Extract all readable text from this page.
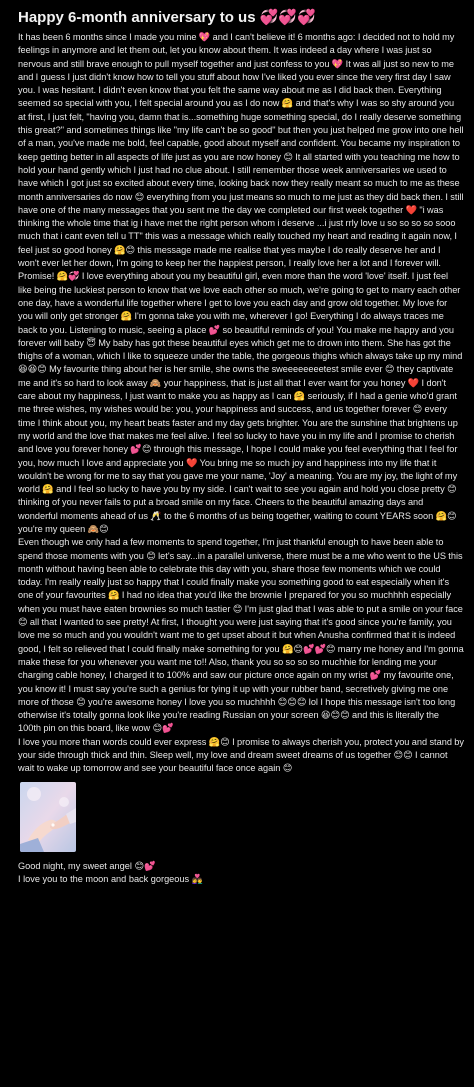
Happy 6-month anniversary to us 💞💞💞

It has been 6 months since I made you mine 💖 and I can't believe it! 6 months ago: I decided not to hold my feelings in anymore and let them out, let you know about them. It was indeed a day where I was just so nervous and still brave enough to pull myself together and just confess to you 💖 It was all just so new to me and I guess I just didn't know how to tell you stuff about how I've liked you ever since the very first day I saw you. I was hesitant. I didn't even know that you felt the same way about me as I did back then. Everything seemed so special with you, I felt special around you as I do now 🤗 and that's why I was so shy around you at first, I just felt, "having you, damn that is...something huge something special, do I really deserve something this great?" and sometimes things like "my life can't be so good" but then you just helped me grow into one hell of a man, you've made me bold, feel capable, good about myself and confident. You became my inspiration to keep getting better in all aspects of life just as you are now honey 😊 It all started with you teaching me how to hold your hand gently which I just had no clue about. I still remember those week anniversaries we used to have which I got just so excited about every time, looking back now they really meant so much to me as these month anniversaries do now 😊 everything from you just means so much to me just as they did back then. I still have one of the many messages that you sent me the day we completed our first week together ❤️ "i was thinking the whole time that ig i have met the right person whom i deserve ...i just rrly love u so so so so sooo much that i cant even tell u TT" this was a message which really touched my heart and reading it again now, I feel just so good honey 🤗😊 this message made me realise that yes maybe I do really deserve her and I won't ever let her down, I'm going to keep her the happiest person, I really love her a lot and I forever will. Promise! 🤗💞 I love everything about you my beautiful girl, even more than the word 'love' itself. I just feel like being the luckiest person to know that we love each other so much, we're going to get to marry each other one day, have a wonderful life together where I get to love you each day and grow old together. My love for you will only get stronger 🤗 I'm gonna take you with me, wherever I go! Everything I do always traces me back to you. Listening to music, seeing a place 💕 so beautiful reminds of you! You make me happy and you forever will baby 😇 My baby has got these beautiful eyes which get me to drown into them. She has got the thighs of a woman, which I like to squeeze under the table, the gorgeous thighs which always take up my mind 😆😆😊 My favourite thing about her is her smile, she owns the sweeeeeeeetest smile ever 😊 they captivate me and it's so hard to look away 🙈 your happiness, that is just all that I ever want for you honey ❤️ I don't care about my happiness, I just want to make you as happy as I can 🤗 seriously, if I had a genie who'd grant me three wishes, my wishes would be: you, your happiness and success, and us together forever 😊 every time I think about you, my heart beats faster and my day gets brighter. You are the sunshine that brightens up my world and the love that makes me feel alive. I feel so lucky to have you in my life and I promise to cherish and love you forever honey 💕😊 through this message, I hope I could make you feel everything that I feel for you, how much I love and appreciate you ❤️ You bring me so much joy and happiness into my life that it wouldn't be wrong for me to say that you gave me your name, 'Joy' a meaning. You are my joy, the light of my world 🤗 and I feel so lucky to have you by my side. I can't wait to see you again and hold you close pretty 😊 thinking of you never fails to put a broad smile on my face. Cheers to the beautiful amazing days and wonderful moments ahead of us 🥂 to the 6 months of us being together, waiting to count YEARS soon 🤗😊 you're my queen 🙈😊

Even though we only had a few moments to spend together, I'm just thankful enough to have been able to spend those moments with you 😊 let's say...in a parallel universe, there must be a me who went to the US this month without having been able to celebrate this day with you, share those few moments which we could today. I'm really really just so happy that I could finally make you something good to eat especially when it's one of your favourites 🤗 I had no idea that you'd like the brownie I prepared for you so muchhhh especially when you must have eaten brownies so much tastier 😊 I'm just glad that I was able to put a smile on your face 😊 all that I wanted to see pretty! At first, I thought you were just saying that it's good since you're family, you love me so much and you wouldn't want me to get upset about it but when Anusha confirmed that it is indeed good, I felt so relieved that I could finally make something for you 🤗😊💕💕😊 marry me honey and I'm gonna make these for you whenever you want me to!! Also, thank you so so so so muchhie for lending me your charging cable honey, I charged it to 100% and saw our picture once again on my wrist 💕 my favourite one, you know it! I must say you're such a genius for tying it up with your rubber band, secretively giving me one more of those 😊 you're awesome honey I love you so muchhhh 😊😊😊 lol I hope this message isn't too long otherwise it's totally gonna look like you're reading Russian on your screen 😆😊😊 and this is literally the 100th pin on this board, like wow 😊💕

I love you more than words could ever express 🤗😊 I promise to always cherish you, protect you and stand by your side through thick and thin. Sleep well, my love and dream sweet dreams of us together 😊😊 I cannot wait to wake up tomorrow and see your beautiful face once again 😊

Good night, my sweet angel 😊💕

I love you to the moon and back gorgeous 👩‍❤️‍👨
